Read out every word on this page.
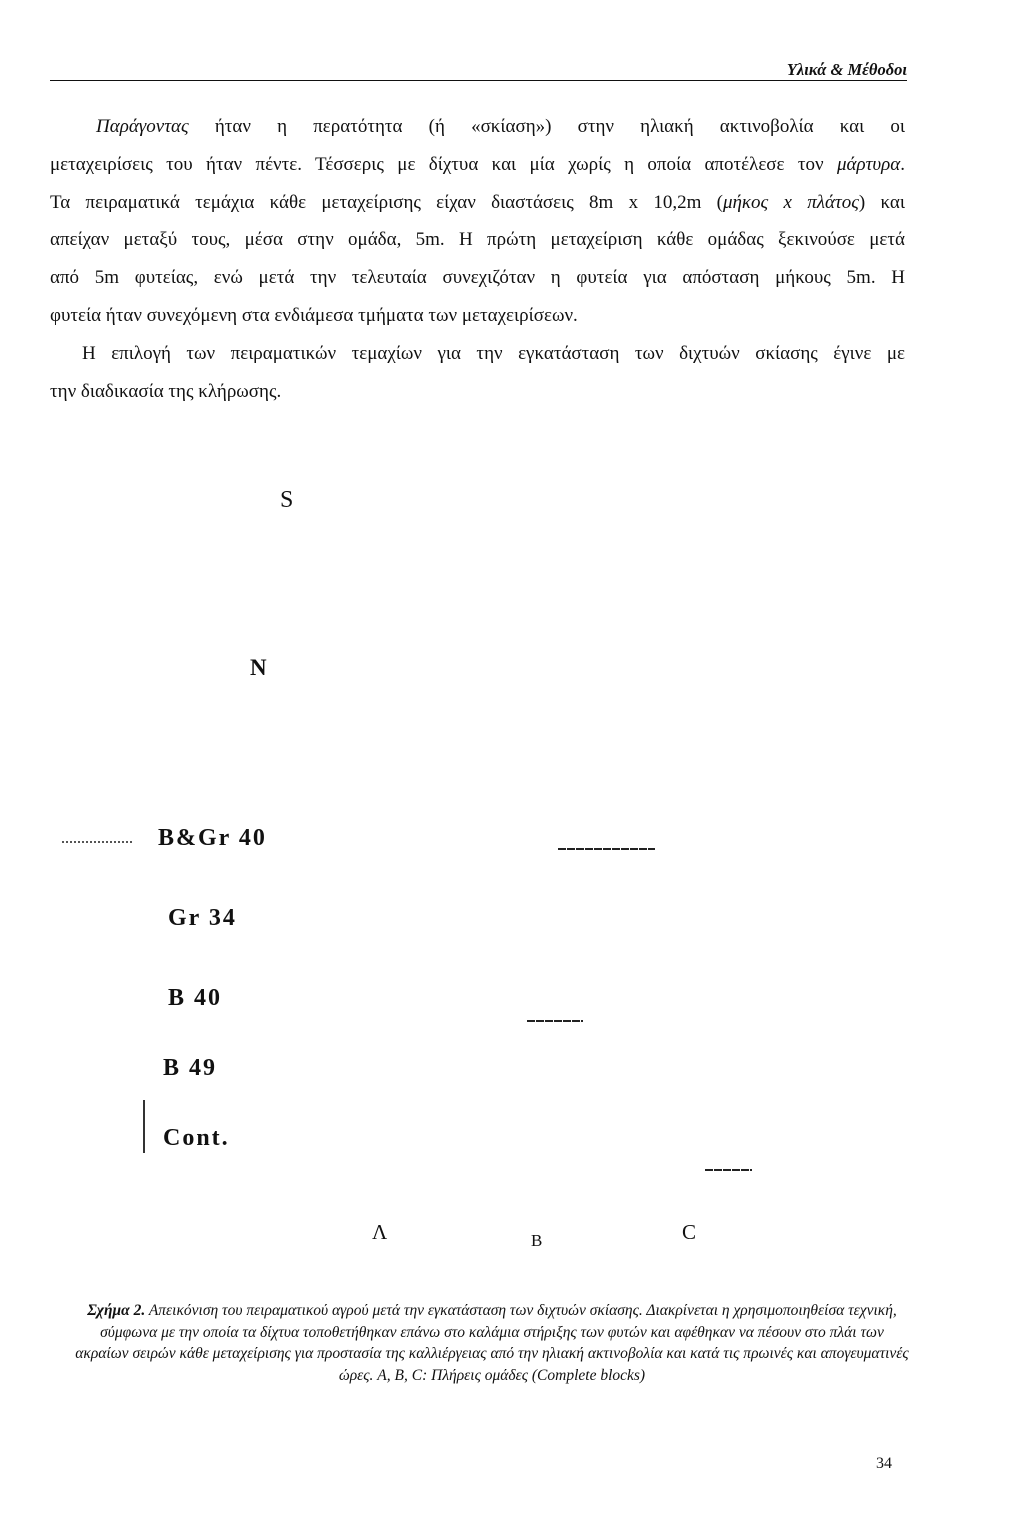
Υλικά & Μέθοδοι
Παράγοντας ήταν η περατότητα (ή «σκίαση») στην ηλιακή ακτινοβολία και οι
μεταχειρίσεις του ήταν πέντε. Τέσσερις με δίχτυα και μία χωρίς η οποία αποτέλεσε τον μάρτυρα.
Τα πειραματικά τεμάχια κάθε μεταχείρισης είχαν διαστάσεις 8m x 10,2m (μήκος x πλάτος) και
απείχαν μεταξύ τους, μέσα στην ομάδα, 5m. Η πρώτη μεταχείριση κάθε ομάδας ξεκινούσε μετά
από 5m φυτείας, ενώ μετά την τελευταία συνεχιζόταν η φυτεία για απόσταση μήκους 5m. Η
φυτεία ήταν συνεχόμενη στα ενδιάμεσα τμήματα των μεταχειρίσεων.
Η επιλογή των πειραματικών τεμαχίων για την εγκατάσταση των διχτυών σκίασης έγινε με
την διαδικασία της κλήρωσης.
S
N
B&Gr 40
Gr 34
B 40
B 49
Cont.
Λ	B	C
Σχήμα 2. Απεικόνιση του πειραματικού αγρού μετά την εγκατάσταση των διχτυών σκίασης. Διακρίνεται η χρησιμοποιηθείσα τεχνική,
σύμφωνα με την οποία τα δίχτυα τοποθετήθηκαν επάνω στο καλάμια στήριξης των φυτών και αφέθηκαν να πέσουν στο πλάι των
ακραίων σειρών κάθε μεταχείρισης για προστασία της καλλιέργειας από την ηλιακή ακτινοβολία και κατά τις πρωινές και απογευματινές
ώρες. A, B, C: Πλήρεις ομάδες (Complete blocks)
34
